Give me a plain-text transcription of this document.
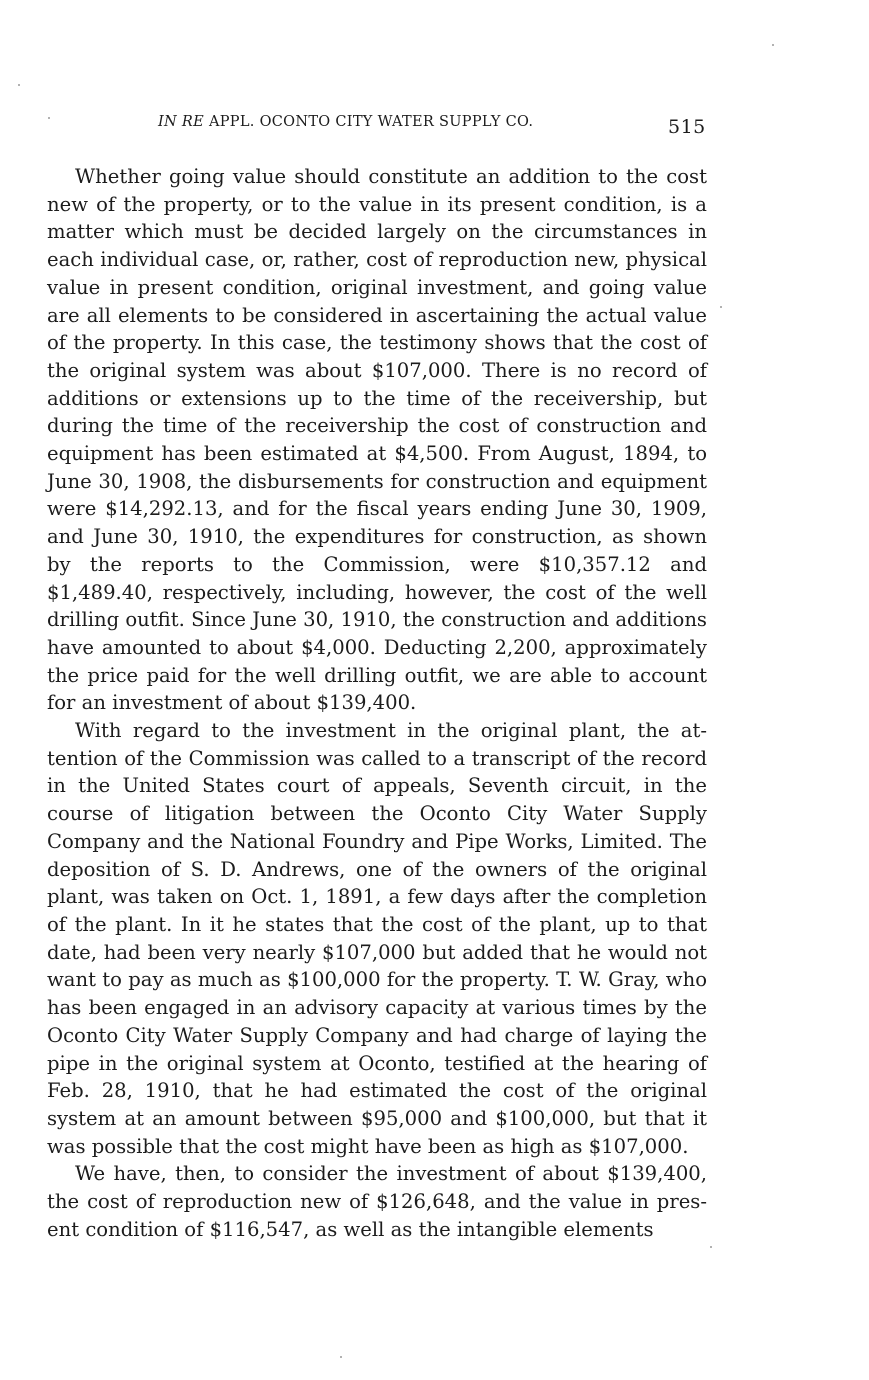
IN RE APPL. OCONTO CITY WATER SUPPLY CO.	515

Whether going value should constitute an addition to the cost new of the property, or to the value in its present condition, is a matter which must be decided largely on the circumstances in each individual case, or, rather, cost of reproduction new, physical value in present condition, original investment, and going value are all elements to be considered in ascertaining the actual value of the property. In this case, the testimony shows that the cost of the original system was about $107,000. There is no record of additions or extensions up to the time of the receivership, but during the time of the receivership the cost of construction and equipment has been estimated at $4,500. From August, 1894, to June 30, 1908, the disbursements for construction and equipment were $14,292.13, and for the fiscal years ending June 30, 1909, and June 30, 1910, the expenditures for construction, as shown by the reports to the Commission, were $10,357.12 and $1,489.40, respectively, including, however, the cost of the well drilling outfit. Since June 30, 1910, the construction and additions have amounted to about $4,000. Deducting 2,200, approximately the price paid for the well drilling outfit, we are able to account for an investment of about $139,400.

With regard to the investment in the original plant, the attention of the Commission was called to a transcript of the record in the United States court of appeals, Seventh circuit, in the course of litigation between the Oconto City Water Supply Company and the National Foundry and Pipe Works, Limited. The deposition of S. D. Andrews, one of the owners of the original plant, was taken on Oct. 1, 1891, a few days after the completion of the plant. In it he states that the cost of the plant, up to that date, had been very nearly $107,000 but added that he would not want to pay as much as $100,000 for the property. T. W. Gray, who has been engaged in an advisory capacity at various times by the Oconto City Water Supply Company and had charge of laying the pipe in the original system at Oconto, testified at the hearing of Feb. 28, 1910, that he had estimated the cost of the original system at an amount between $95,000 and $100,000, but that it was possible that the cost might have been as high as $107,000.

We have, then, to consider the investment of about $139,400, the cost of reproduction new of $126,648, and the value in present condition of $116,547, as well as the intangible elements
